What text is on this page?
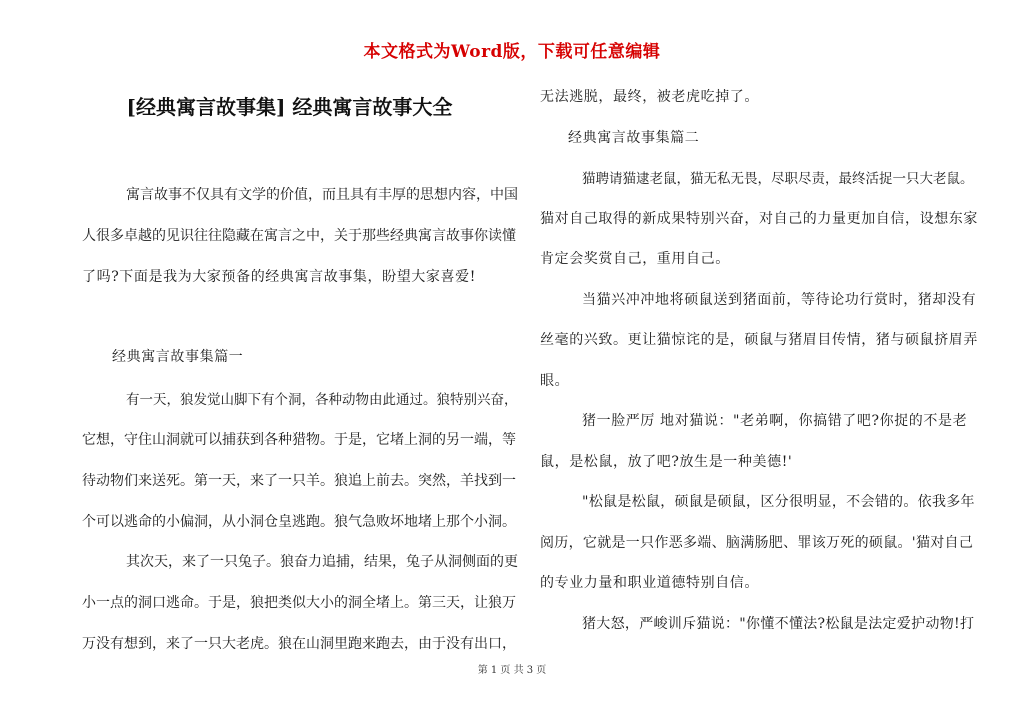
本文格式为Word版，下载可任意编辑
[经典寓言故事集] 经典寓言故事大全

寓言故事不仅具有文学的价值，而且具有丰厚的思想内容，中国

人很多卓越的见识往往隐藏在寓言之中，关于那些经典寓言故事你读懂

了吗?下面是我为大家预备的经典寓言故事集，盼望大家喜爱!

经典寓言故事集篇一

有一天，狼发觉山脚下有个洞，各种动物由此通过。狼特别兴奋，

它想，守住山洞就可以捕获到各种猎物。于是，它堵上洞的另一端，等

待动物们来送死。第一天，来了一只羊。狼追上前去。突然，羊找到一

个可以逃命的小偏洞，从小洞仓皇逃跑。狼气急败坏地堵上那个小洞。

其次天，来了一只兔子。狼奋力追捕，结果，兔子从洞侧面的更

小一点的洞口逃命。于是，狼把类似大小的洞全堵上。第三天，让狼万

万没有想到，来了一只大老虎。狼在山洞里跑来跑去，由于没有出口，

无法逃脱，最终，被老虎吃掉了。

经典寓言故事集篇二

猫聘请猫逮老鼠，猫无私无畏，尽职尽责，最终活捉一只大老鼠。

猫对自己取得的新成果特别兴奋，对自己的力量更加自信，设想东家

肯定会奖赏自己，重用自己。

当猫兴冲冲地将硕鼠送到猪面前，等待论功行赏时，猪却没有

丝毫的兴致。更让猫惊诧的是，硕鼠与猪眉目传情，猪与硕鼠挤眉弄

眼。

猪一脸严厉 地对猫说："老弟啊，你搞错了吧?你捉的不是老

鼠，是松鼠，放了吧?放生是一种美德!'

"松鼠是松鼠，硕鼠是硕鼠，区分很明显，不会错的。依我多年

阅历，它就是一只作恶多端、脑满肠肥、罪该万死的硕鼠。'猫对自己

的专业力量和职业道德特别自信。

猪大怒，严峻训斥猫说："你懂不懂法?松鼠是法定爱护动物!打

第 1 页 共 3 页
